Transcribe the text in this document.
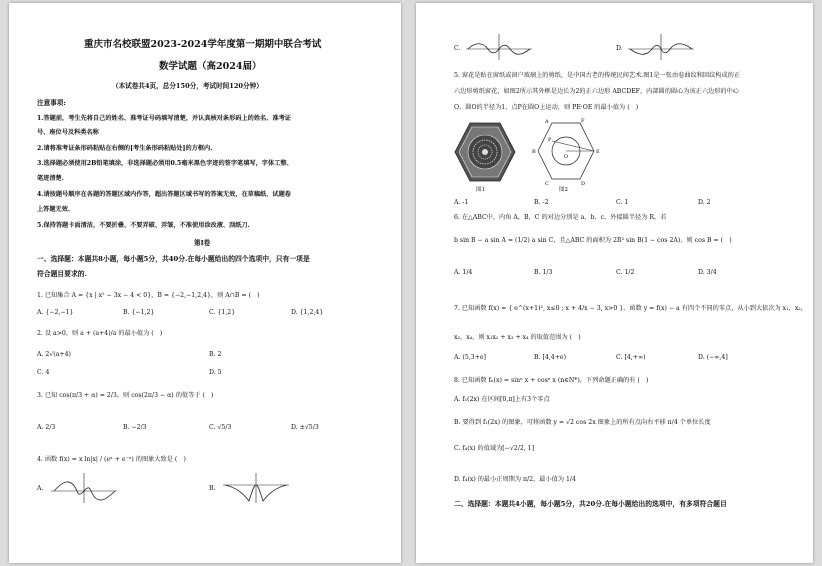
重庆市名校联盟2023-2024学年度第一期期中联合考试
数学试题（高2024届）
（本试卷共4页，总分150分，考试时间120分钟）
注意事项:
1.答题前，考生先将自己的姓名、准考证号码填写清楚，并认真核对条形码上的姓名、准考证
号、座位号及科类名称
2.请将准考证条形码粘贴在右侧的[考生条形码粘贴处]的方框内.
3.选择题必须使用2B铅笔填涂，非选择题必须用0.5毫米黑色字迹的签字笔填写，字体工整、
笔迹清楚.
4.请按题号顺序在各题的答题区域内作答，超出答题区域书写的答案无效，在草稿纸、试题卷
上答题无效.
5.保持答题卡面清洁，不要折叠、不要弄破、弄皱，不准使用涂改液、刮纸刀.
第Ⅰ卷
一、选择题：本题共8小题，每小题5分，共40分.在每小题给出的四个选项中，只有一项是
符合题目要求的.
1. 已知集合 A = {x | x² − 3x − 4 < 0}，B = {−2,−1,2,4}，则 A∩B = (　)
A. {−2,−1}	B. {−1,2}	C. {1,2}	D. {1,2,4}
2. 设 a>0，则 a + (a+4)/a 的最小值为 (　)
A. 2√(a+4)	B. 2
C. 4	D. 5
3. 已知 cos(π/3 + α) = 2/3，则 cos(2π/3 − α) 的值等于 (　)
A. 2/3	B. −2/3	C. √5/3	D. ±√5/3
4. 函数 f(x) = x ln|x| / (eˣ + e⁻ˣ) 的图象大致是 (　)
A.	B.
C.	D.
5. 窗花是贴在窗纸或窗户玻璃上的剪纸，是中国古老的传统民间艺术.图1是一张由卷曲纹和回纹构成的正
六边形剪纸窗花，如图2所示其外框是边长为2的正六边形 ABCDEF，内部圆的圆心为该正六边形的中心
O，圆O的半径为1，点P在圆O上运动，则 PE·OE 的最小值为 (　)
图1
A
B
C	D
E
F
O
P
图2
A. -1	B. -2	C. 1	D. 2
6. 在△ABC中，内角 A，B，C 的对边分别是 a，b，c，外接圆半径为 R，若
b sin B − a sin A = (1/2) a sin C，且△ABC 的面积为 2R² sin B(1 − cos 2A)，则 cos B = (　)
A. 1/4	B. 1/3	C. 1/2	D. 3/4
7. 已知函数 f(x) = { e^(x+1)², x≤0 ; x + 4/x − 3, x>0 }，函数 y = f(x) − a 有四个不同的零点，从小到大依次为 x₁，x₂，
x₃，x₄，则 x₁x₂ + x₃ + x₄ 的取值范围为 (　)
A. (5,3+e]	B. [4,4+e)	C. [4,+∞)	D. (−∞,4]
8. 已知函数 fₙ(x) = sinⁿ x + cosⁿ x (n∈N*)，下列命题正确的有 (　)
A. f₁(2x) 在区间[0,π]上有3个零点
B. 要得到 f₁(2x) 的图象，可将函数 y = √2 cos 2x 图象上的所有点向右平移 π/4 个单位长度
C. f₄(x) 的值域为[−√2/2, 1]
D. f₄(x) 的最小正周期为 π/2，最小值为 1/4
二、选择题：本题共4小题，每小题5分，共20分.在每小题给出的选项中，有多项符合题目
